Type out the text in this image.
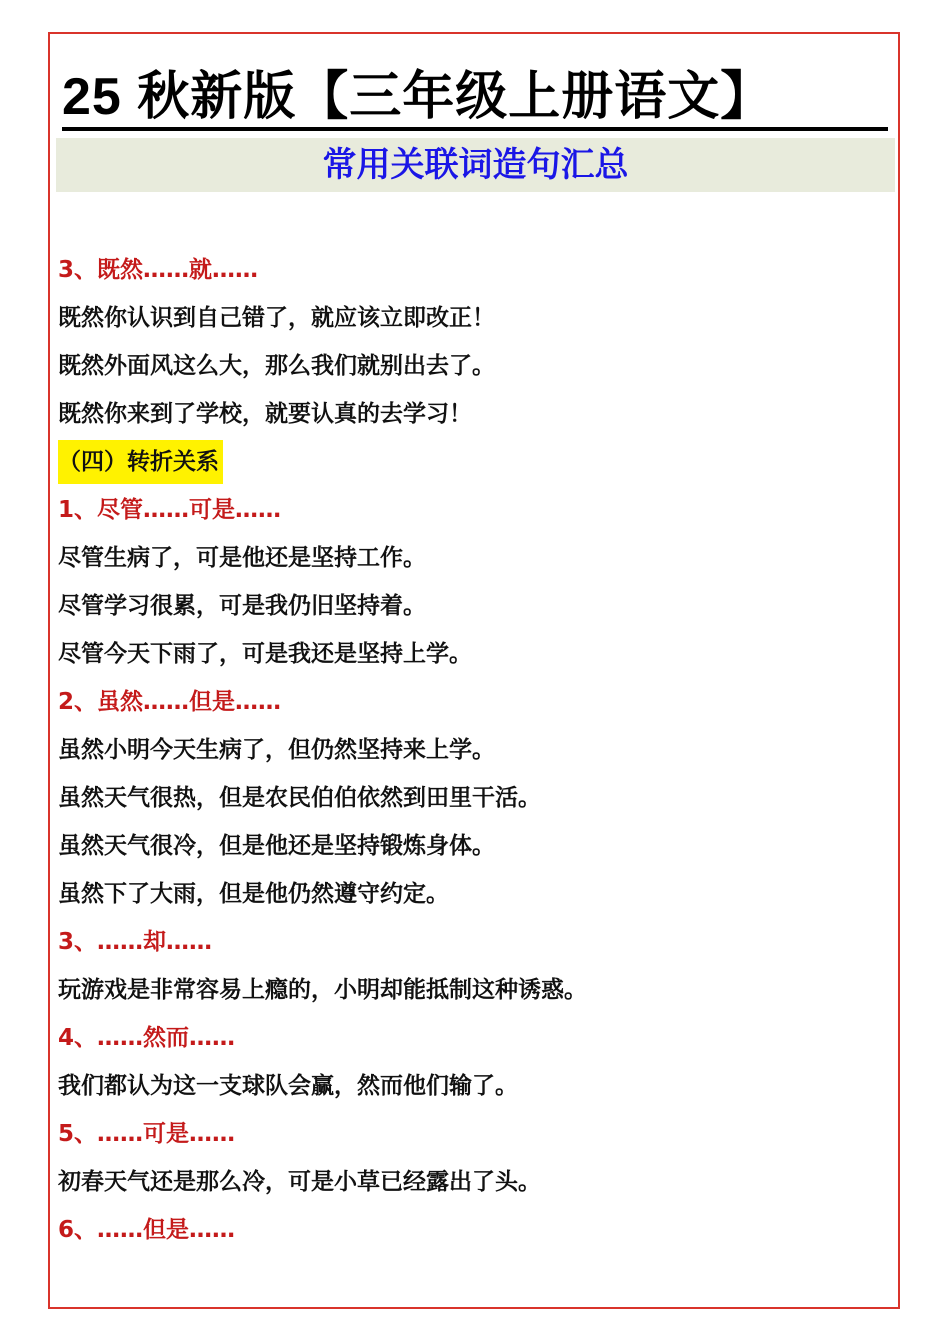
25 秋新版【三年级上册语文】
常用关联词造句汇总
3、既然……就……
既然你认识到自己错了，就应该立即改正！
既然外面风这么大，那么我们就别出去了。
既然你来到了学校，就要认真的去学习！
（四）转折关系
1、尽管……可是……
尽管生病了，可是他还是坚持工作。
尽管学习很累，可是我仍旧坚持着。
尽管今天下雨了，可是我还是坚持上学。
2、虽然……但是……
虽然小明今天生病了，但仍然坚持来上学。
虽然天气很热，但是农民伯伯依然到田里干活。
虽然天气很冷，但是他还是坚持锻炼身体。
虽然下了大雨，但是他仍然遵守约定。
3、……却……
玩游戏是非常容易上瘾的，小明却能抵制这种诱惑。
4、……然而……
我们都认为这一支球队会赢，然而他们输了。
5、……可是……
初春天气还是那么冷，可是小草已经露出了头。
6、……但是……
